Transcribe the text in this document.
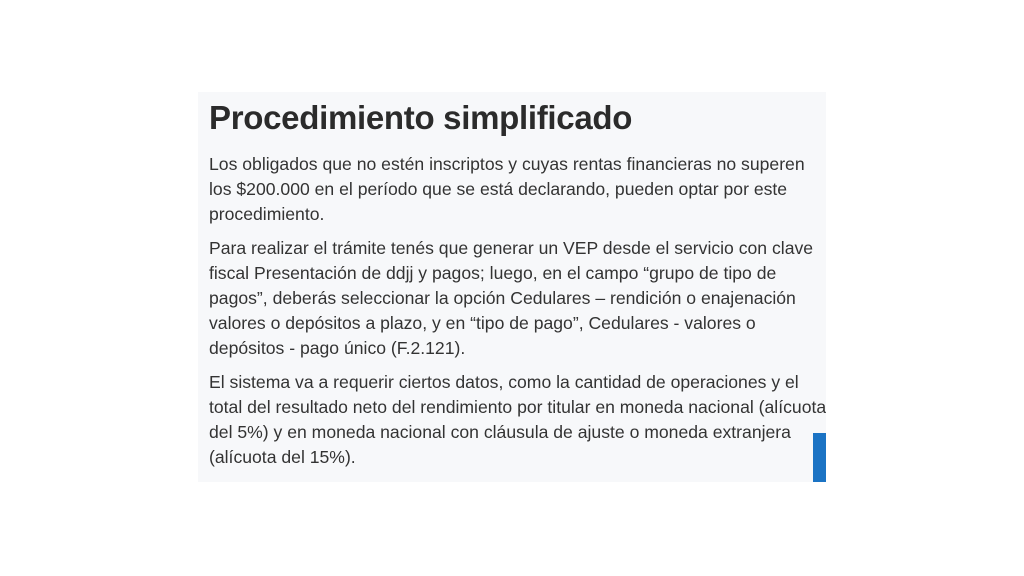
Procedimiento simplificado

Los obligados que no estén inscriptos y cuyas rentas financieras no superen los $200.000 en el período que se está declarando, pueden optar por este procedimiento.

Para realizar el trámite tenés que generar un VEP desde el servicio con clave fiscal Presentación de ddjj y pagos; luego, en el campo “grupo de tipo de pagos”, deberás seleccionar la opción Cedulares – rendición o enajenación valores o depósitos a plazo, y en “tipo de pago”, Cedulares - valores o depósitos - pago único (F.2.121).

El sistema va a requerir ciertos datos, como la cantidad de operaciones y el total del resultado neto del rendimiento por titular en moneda nacional (alícuota del 5%) y en moneda nacional con cláusula de ajuste o moneda extranjera (alícuota del 15%).
